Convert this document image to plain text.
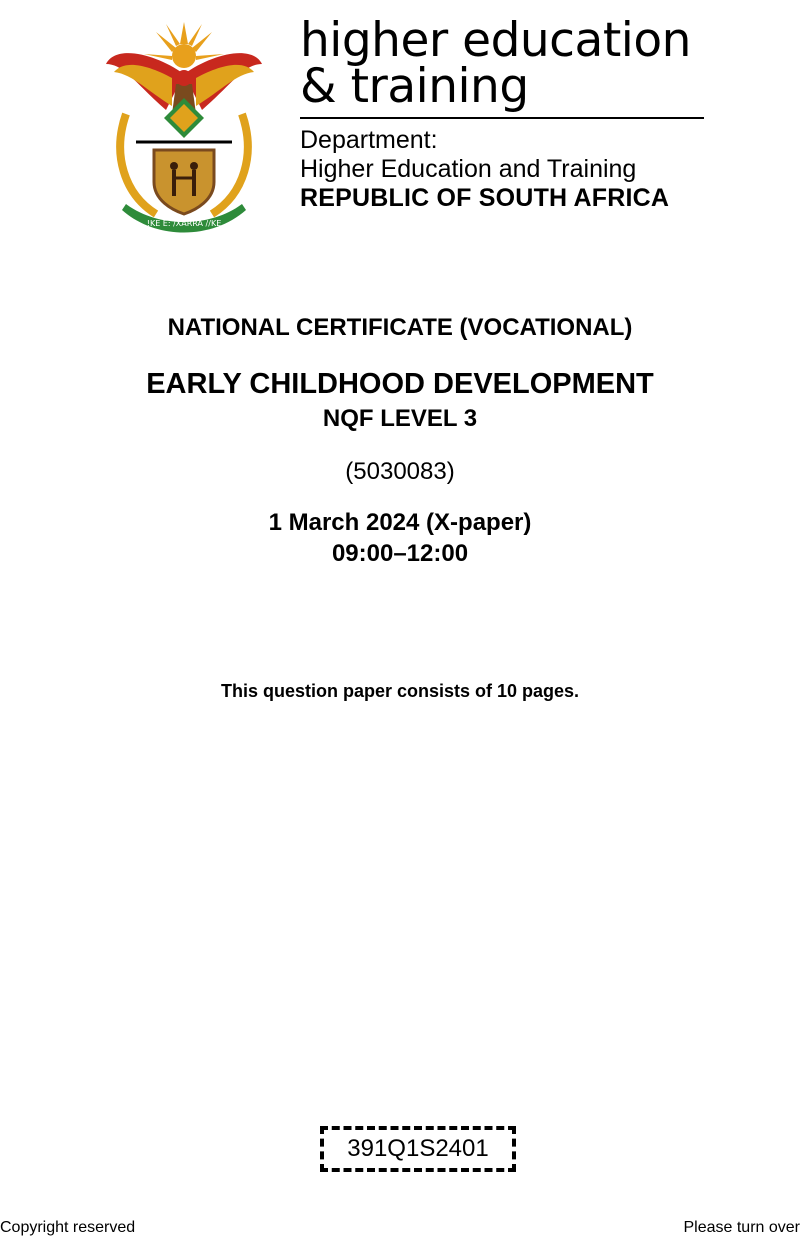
!KE E: /XARRA //KE
higher education
& training
Department:
Higher Education and Training
REPUBLIC OF SOUTH AFRICA
NATIONAL CERTIFICATE (VOCATIONAL)
EARLY CHILDHOOD DEVELOPMENT
NQF LEVEL 3
(5030083)
1 March 2024 (X-paper)
09:00–12:00
This question paper consists of 10 pages.
391Q1S2401
Copyright reserved	Please turn over
